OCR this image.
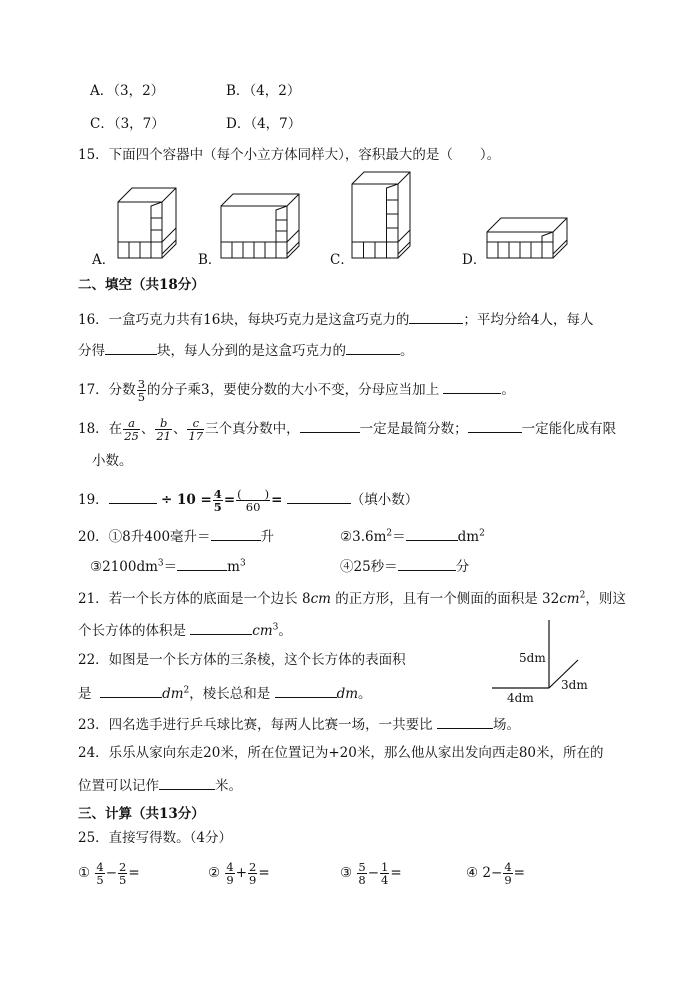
A．（3，2）	B．（4，2）
C．（3，7）	D．（4，7）
15．下面四个容器中（每个小立方体同样大），容积最大的是（　　）。
A．	B．	C．	D．
二、填空（共18分）
16．一盒巧克力共有16块，每块巧克力是这盒巧克力的	；平均分给4人，每人
分得	块，每人分到的是这盒巧克力的	。
17．分数 $\frac{3}{5}$ 的分子乘3，要使分数的大小不变，分母应当加上	。
18．在 $\frac{a}{25}$ 、 $\frac{b}{21}$ 、 $\frac{c}{17}$ 三个真分数中，	一定是最简分数；	一定能化成有限
小数。
19．	÷ $10 = \frac{4}{5} = \frac{( )}{60}$ =	（填小数）
20．①8升400毫升＝	升	$②3.6m^2=$	$dm^2$
$③2100dm^3=$	$m^3$	④25秒＝	分
21．若一个长方体的底面是一个边长 8cm 的正方形，且有一个侧面的面积是 $32cm^2$，则这
个长方体的体积是	$cm^3$。
22．如图是一个长方体的三条棱，这个长方体的表面积
是	$dm^2$，棱长总和是	dm。
5dm
4dm
3dm
23．四名选手进行乒乓球比赛，每两人比赛一场，一共要比	场。
24．乐乐从家向东走20米，所在位置记为+20米，那么他从家出发向西走80米，所在的
位置可以记作	米。
三、计算（共13分）
25．直接写得数。（4分）
① $\frac{4}{5} - \frac{2}{5}$ =	② $\frac{4}{9} + \frac{2}{9}$ =	③ $\frac{5}{8} - \frac{1}{4}$ =	④ $2- \frac{4}{9}$ =
